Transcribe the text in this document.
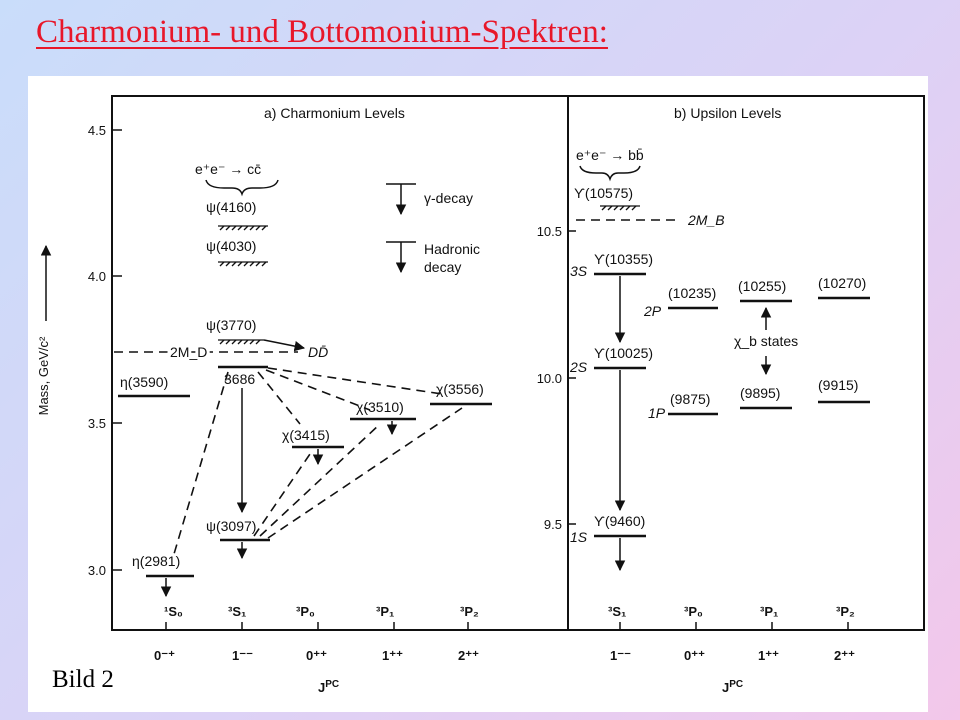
Charmonium- und Bottomonium-Spektren:
4.5
4.0
3.5
3.0
Mass, GeV/c²
10.5
10.0
9.5
a) Charmonium Levels	b) Upsilon Levels
e⁺e⁻ → cc̄
ψ(4160)
ψ(4030)
γ-decay
Hadronic
decay
ψ(3770)
2M_D	DD̄
η(3590)	3686
χ(3556)
χ(3510)
χ(3415)
ψ(3097)
η(2981)
¹S₀	³S₁	³P₀	³P₁	³P₂
0⁻⁺	1⁻⁻	0⁺⁺	1⁺⁺	2⁺⁺
$J^{PC}$
e⁺e⁻ → bb̄
ϒ(10575)
2M_B
ϒ(10355)
3S
ϒ(10025)
2S
ϒ(9460)
1S
(10235)
2P
(10255) (10270)
χ_b states
(9875)
1P
(9895)	(9915)
³S₁	³P₀	³P₁	³P₂
1⁻⁻	0⁺⁺	1⁺⁺	2⁺⁺
$J^{PC}$
Bild 2
